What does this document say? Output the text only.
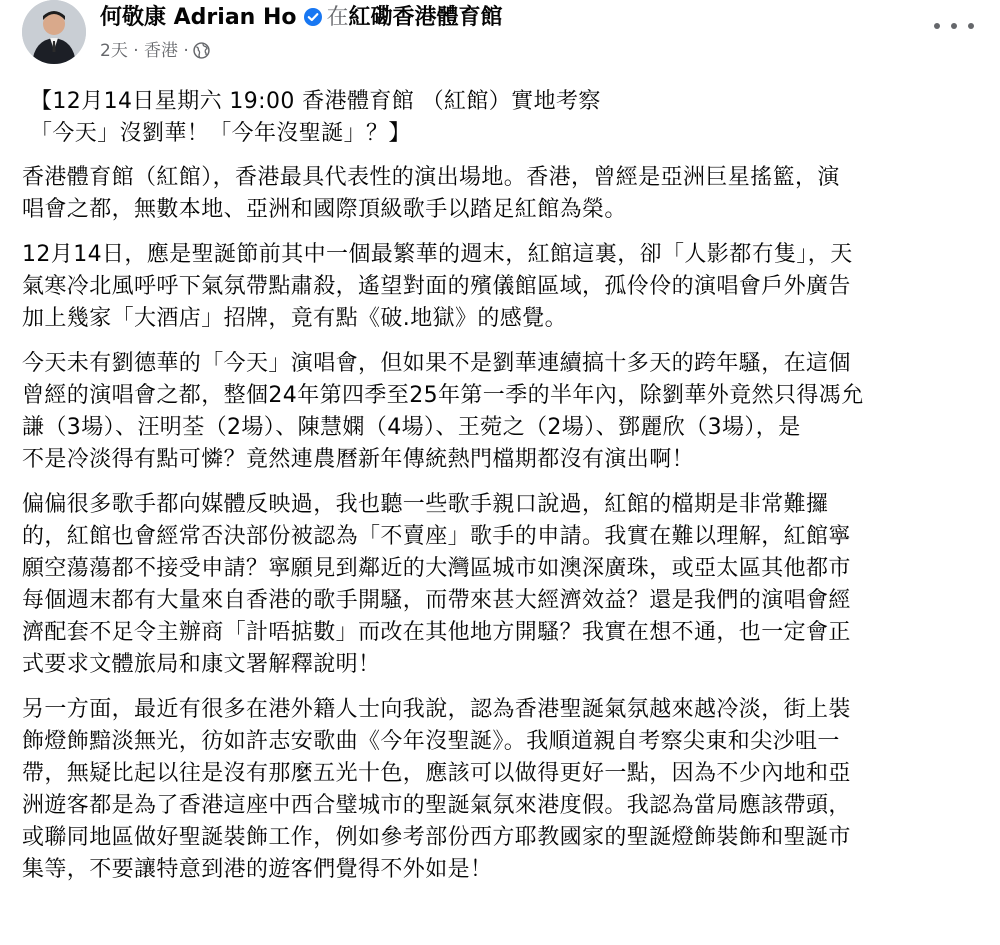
何敬康 Adrian Ho 在紅磡香港體育館
2天 · 香港 ·

【12月14日星期六 19:00 香港體育館 （紅館）實地考察

「今天」沒劉華！「今年沒聖誕」？】

香港體育館（紅館），香港最具代表性的演出場地。香港，曾經是亞洲巨星搖籃，演
唱會之都，無數本地、亞洲和國際頂級歌手以踏足紅館為榮。
12月14日，應是聖誕節前其中一個最繁華的週末，紅館這裏，卻「人影都冇隻」，天
氣寒冷北風呼呼下氣氛帶點肅殺，遙望對面的殯儀館區域，孤伶伶的演唱會戶外廣告
加上幾家「大酒店」招牌，竟有點《破.地獄》的感覺。
今天未有劉德華的「今天」演唱會，但如果不是劉華連續搞十多天的跨年騷，在這個
曾經的演唱會之都，整個24年第四季至25年第一季的半年內，除劉華外竟然只得馮允
謙（3場）、汪明荃（2場）、陳慧嫻（4場）、王菀之（2場）、鄧麗欣（3場），是
不是冷淡得有點可憐？竟然連農曆新年傳統熱門檔期都沒有演出啊！
偏偏很多歌手都向媒體反映過，我也聽一些歌手親口說過，紅館的檔期是非常難攞
的，紅館也會經常否決部份被認為「不賣座」歌手的申請。我實在難以理解，紅館寧
願空蕩蕩都不接受申請？寧願見到鄰近的大灣區城市如澳深廣珠，或亞太區其他都市
每個週末都有大量來自香港的歌手開騷，而帶來甚大經濟效益？還是我們的演唱會經
濟配套不足令主辦商「計唔掂數」而改在其他地方開騷？我實在想不通，也一定會正
式要求文體旅局和康文署解釋說明！
另一方面，最近有很多在港外籍人士向我說，認為香港聖誕氣氛越來越冷淡，街上裝
飾燈飾黯淡無光，彷如許志安歌曲《今年沒聖誕》。我順道親自考察尖東和尖沙咀一
帶，無疑比起以往是沒有那麼五光十色，應該可以做得更好一點，因為不少內地和亞
洲遊客都是為了香港這座中西合璧城市的聖誕氣氛來港度假。我認為當局應該帶頭，
或聯同地區做好聖誕裝飾工作，例如參考部份西方耶教國家的聖誕燈飾裝飾和聖誕市
集等，不要讓特意到港的遊客們覺得不外如是！
